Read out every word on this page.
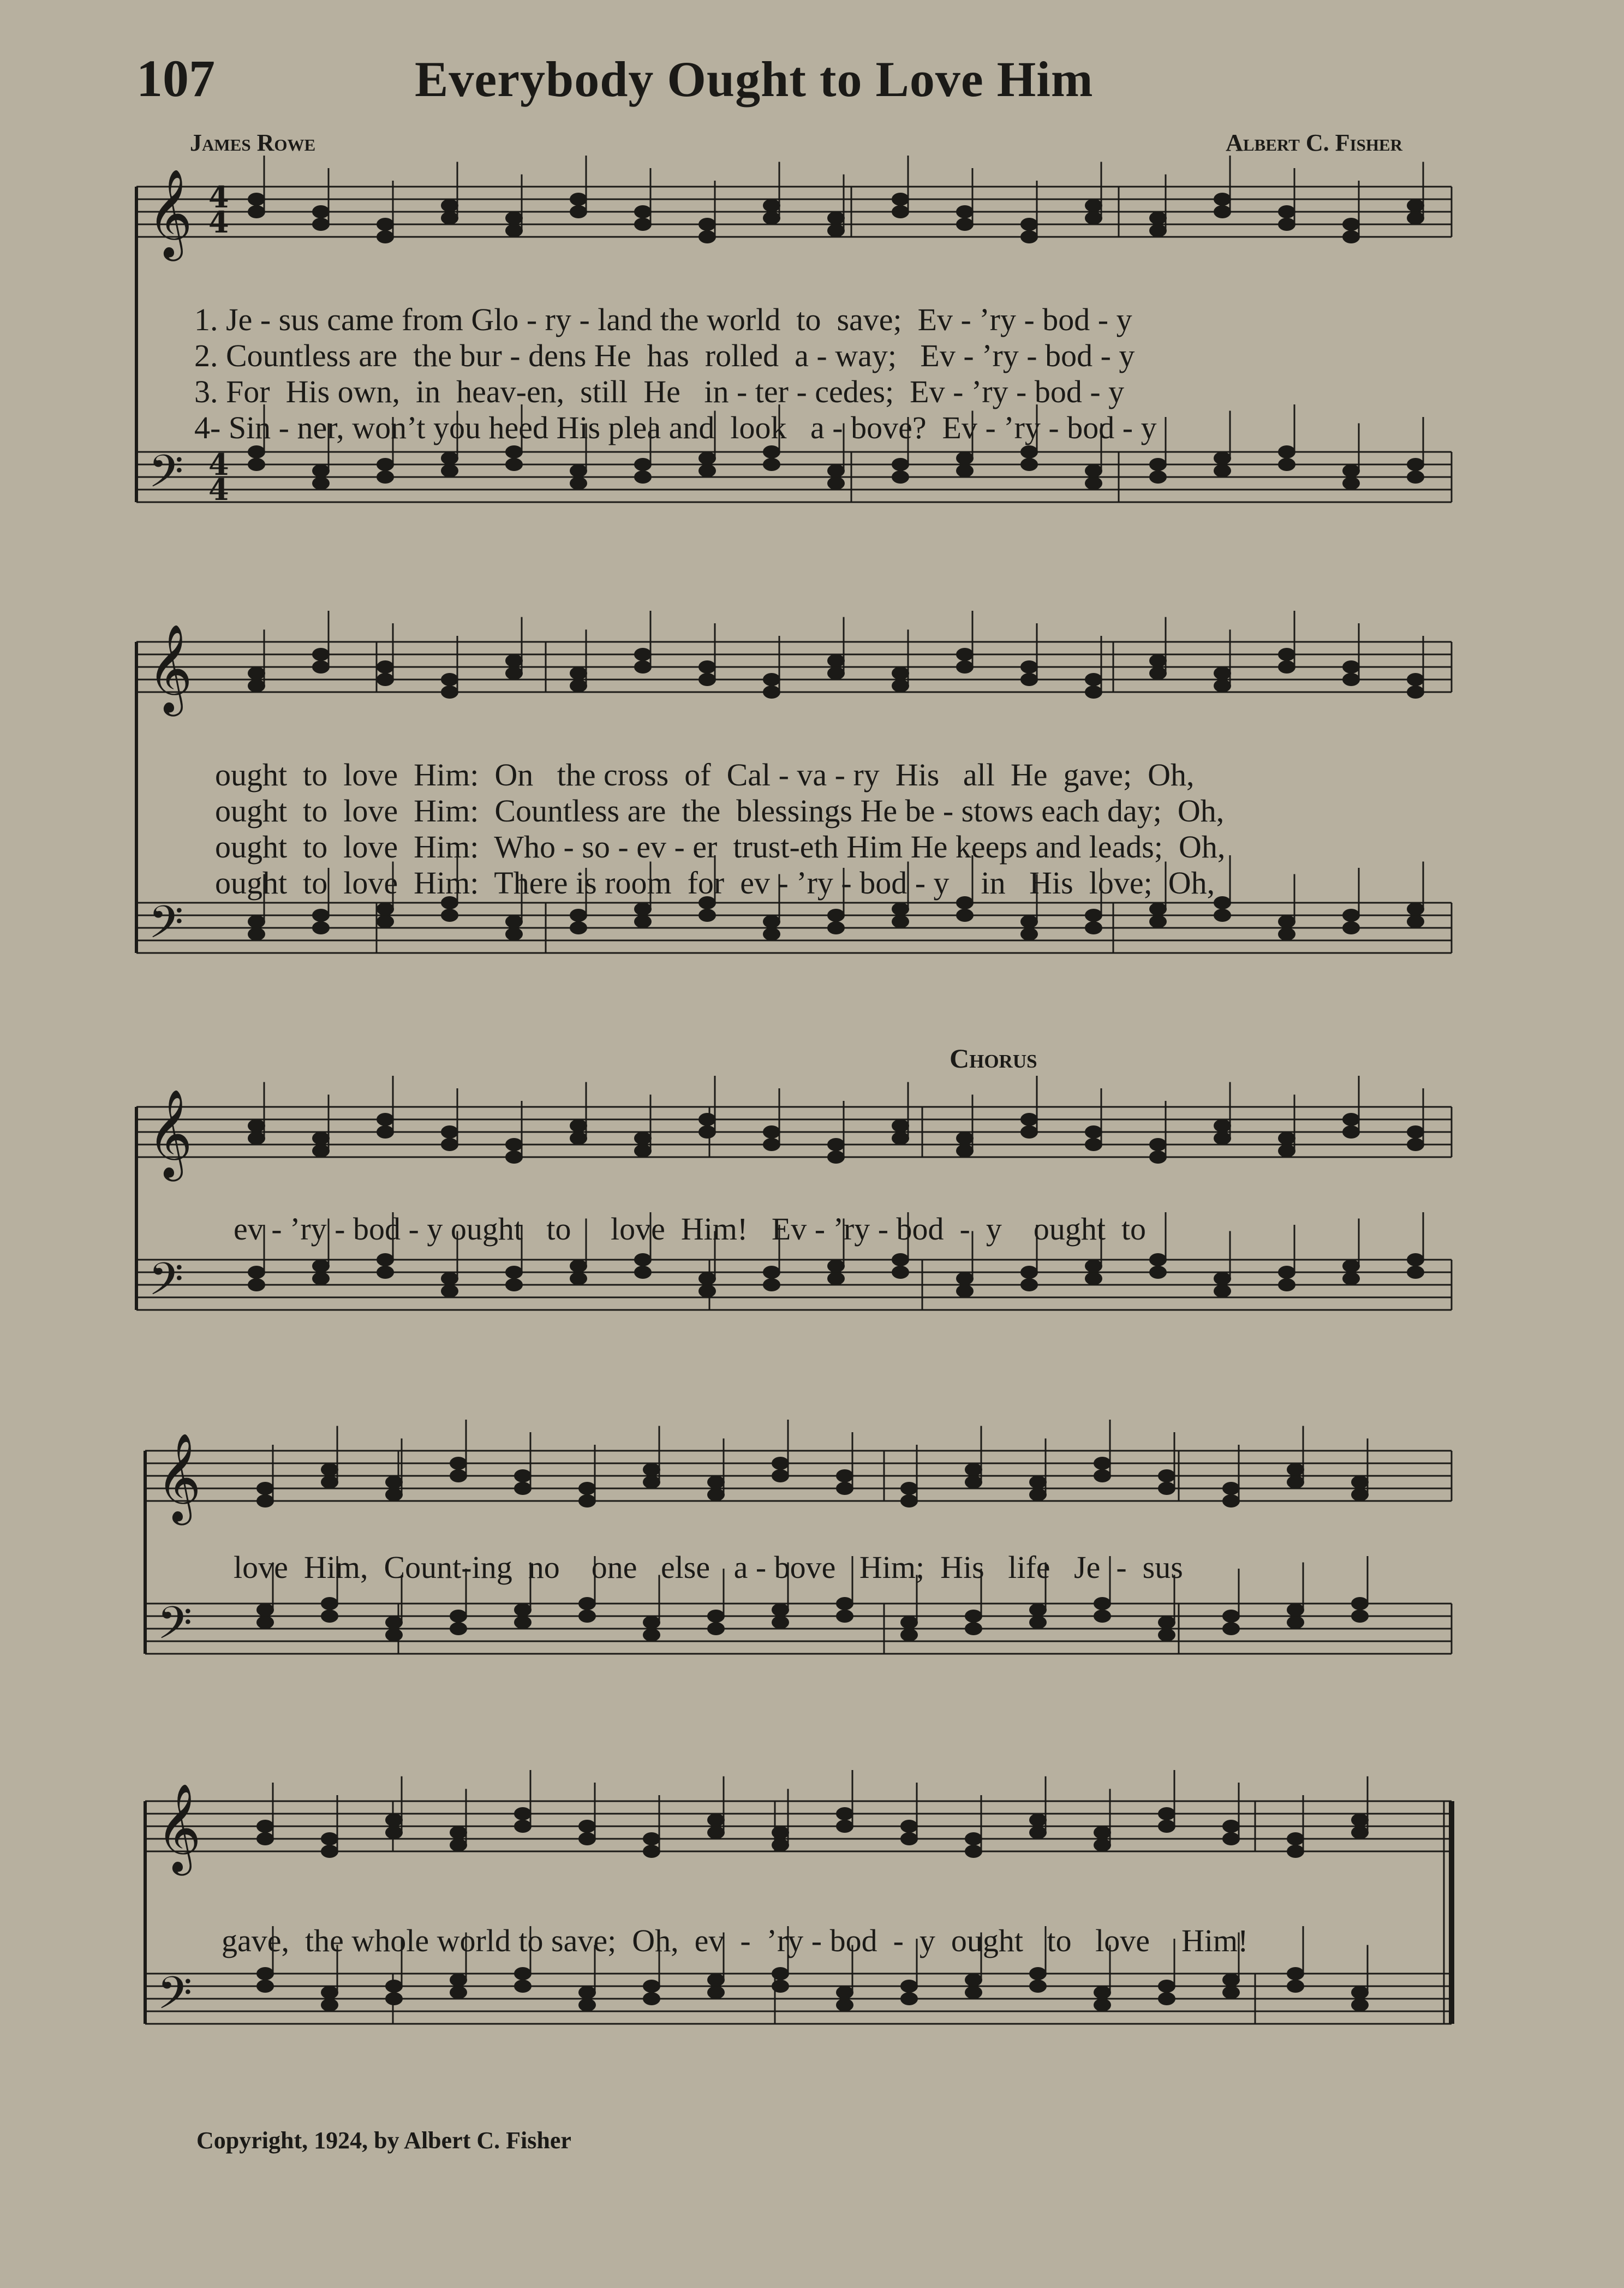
107	Everybody Ought to Love Him
James Rowe	Albert C. Fisher
Chorus
Copyright, 1924, by Albert C. Fisher
𝄞
𝄢
𝄞
𝄢
𝄞
𝄢
𝄞
𝄢
𝄞
𝄢
4
4
4
4
1. Je - sus came from Glo - ry - land the world  to  save;  Ev - ’ry - bod - y
2. Countless are  the bur - dens He  has  rolled  a - way;   Ev - ’ry - bod - y
3. For  His own,  in  heav-en,  still  He   in - ter - cedes;  Ev - ’ry - bod - y
4- Sin - ner, won’t you heed His plea and  look   a - bove?  Ev - ’ry - bod - y
ought  to  love  Him:  On   the cross  of  Cal - va - ry  His   all  He  gave;  Oh,
ought  to  love  Him:  Countless are  the  blessings He be - stows each day;  Oh,
ought  to  love  Him:  Who - so - ev - er  trust-eth Him He keeps and leads;  Oh,
ought  to  love  Him:  There is room  for  ev - ’ry - bod - y    in   His  love;  Oh,
ev - ’ry - bod - y ought   to     love  Him!   Ev - ’ry - bod  -  y    ought  to
love  Him,  Count-ing  no    one   else   a - bove   Him;  His   life   Je  -  sus
gave,  the whole world to save;  Oh,  ev  -  ’ry - bod  -  y  ought   to   love    Him!
